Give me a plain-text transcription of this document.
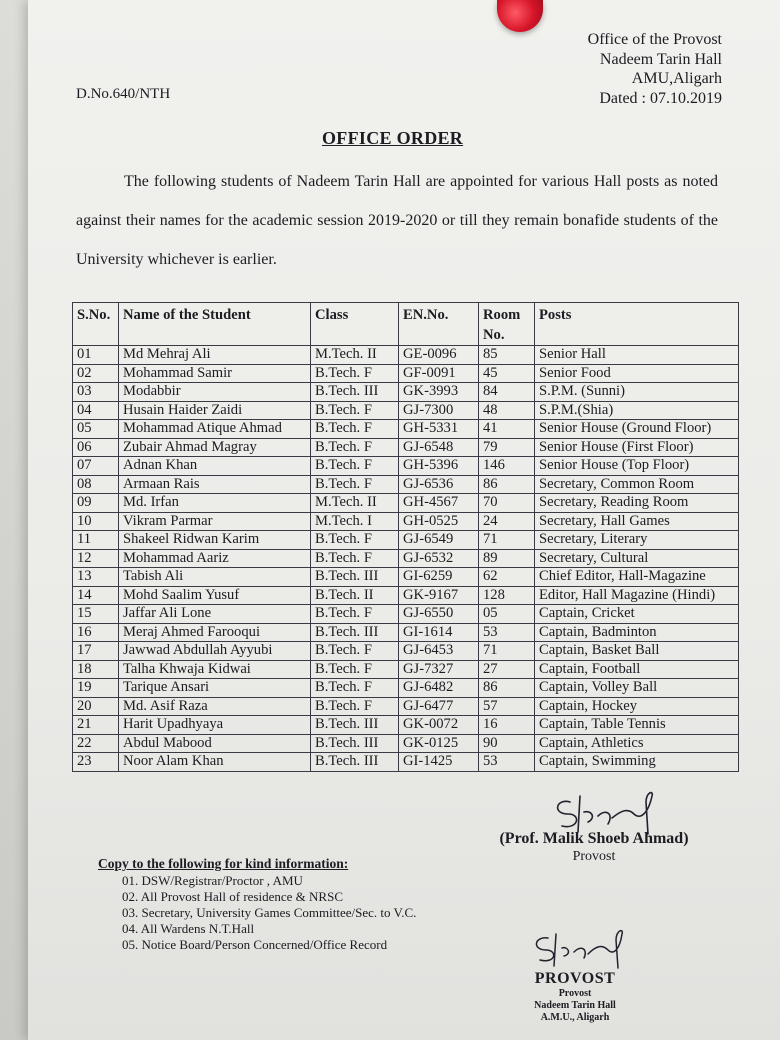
Office of the Provost
Nadeem Tarin Hall
AMU,Aligarh
Dated : 07.10.2019
D.No.640/NTH
OFFICE ORDER

The following students of Nadeem Tarin Hall are appointed for various Hall posts as noted against their names for the academic session 2019-2020 or till they remain bonafide students of the University whichever is earlier.

S.No.	Name of the Student	Class	EN.No.	Room No.	Posts
01	Md Mehraj Ali	M.Tech. II	GE-0096	85	Senior Hall
02	Mohammad Samir	B.Tech. F	GF-0091	45	Senior Food
03	Modabbir	B.Tech. III	GK-3993	84	S.P.M. (Sunni)
04	Husain Haider Zaidi	B.Tech. F	GJ-7300	48	S.P.M.(Shia)
05	Mohammad Atique Ahmad	B.Tech. F	GH-5331	41	Senior House (Ground Floor)
06	Zubair Ahmad Magray	B.Tech. F	GJ-6548	79	Senior House (First Floor)
07	Adnan Khan	B.Tech. F	GH-5396	146	Senior House (Top Floor)
08	Armaan Rais	B.Tech. F	GJ-6536	86	Secretary, Common Room
09	Md. Irfan	M.Tech. II	GH-4567	70	Secretary, Reading Room
10	Vikram Parmar	M.Tech. I	GH-0525	24	Secretary, Hall Games
11	Shakeel Ridwan Karim	B.Tech. F	GJ-6549	71	Secretary, Literary
12	Mohammad Aariz	B.Tech. F	GJ-6532	89	Secretary, Cultural
13	Tabish Ali	B.Tech. III	GI-6259	62	Chief Editor, Hall-Magazine
14	Mohd Saalim Yusuf	B.Tech. II	GK-9167	128	Editor, Hall Magazine (Hindi)
15	Jaffar Ali Lone	B.Tech. F	GJ-6550	05	Captain, Cricket
16	Meraj Ahmed Farooqui	B.Tech. III	GI-1614	53	Captain, Badminton
17	Jawwad Abdullah Ayyubi	B.Tech. F	GJ-6453	71	Captain, Basket Ball
18	Talha Khwaja Kidwai	B.Tech. F	GJ-7327	27	Captain, Football
19	Tarique Ansari	B.Tech. F	GJ-6482	86	Captain, Volley Ball
20	Md. Asif Raza	B.Tech. F	GJ-6477	57	Captain, Hockey
21	Harit Upadhyaya	B.Tech. III	GK-0072	16	Captain, Table Tennis
22	Abdul Mabood	B.Tech. III	GK-0125	90	Captain, Athletics
23	Noor Alam Khan	B.Tech. III	GI-1425	53	Captain, Swimming
(Prof. Malik Shoeb Ahmad)
Provost
Copy to the following for kind information:
01. DSW/Registrar/Proctor , AMU
02. All Provost Hall of residence & NRSC
03. Secretary, University Games Committee/Sec. to V.C.
04. All Wardens N.T.Hall
05. Notice Board/Person Concerned/Office Record
PROVOST
Provost
Nadeem Tarin Hall
A.M.U., Aligarh
